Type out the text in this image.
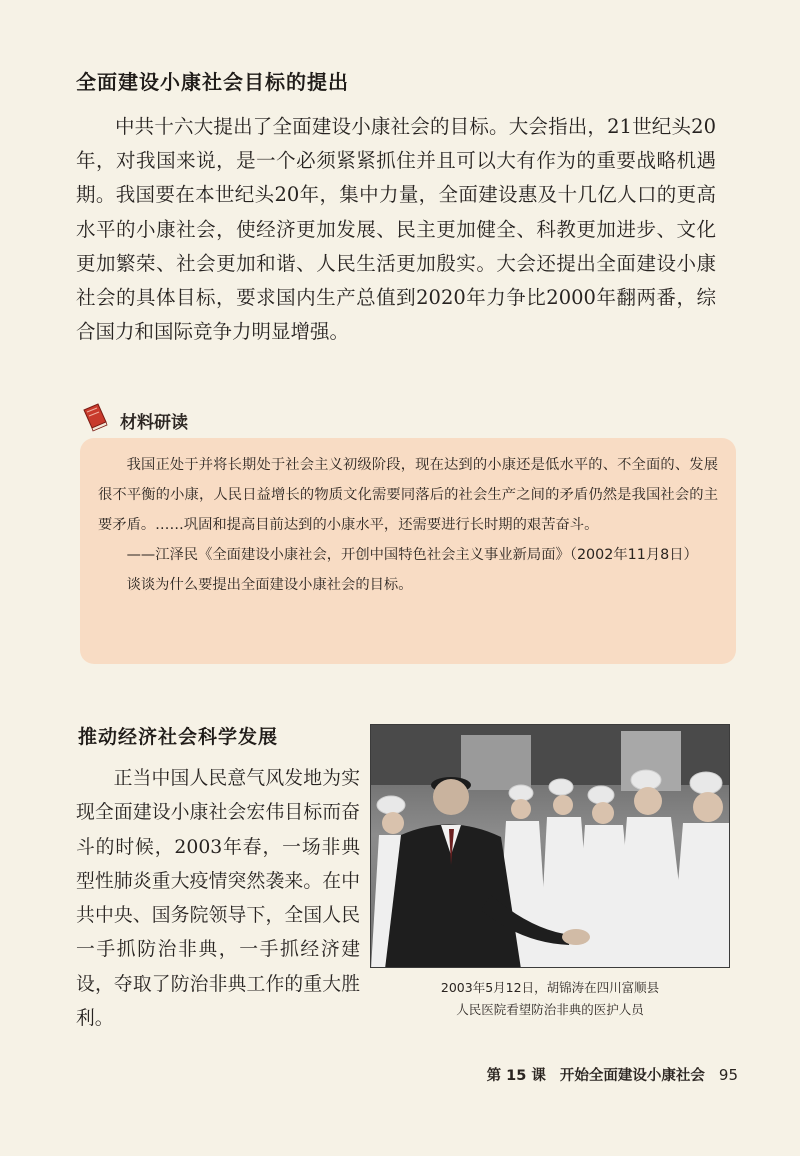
全面建设小康社会目标的提出

中共十六大提出了全面建设小康社会的目标。大会指出，21世纪头20年，对我国来说，是一个必须紧紧抓住并且可以大有作为的重要战略机遇期。我国要在本世纪头20年，集中力量，全面建设惠及十几亿人口的更高水平的小康社会，使经济更加发展、民主更加健全、科教更加进步、文化更加繁荣、社会更加和谐、人民生活更加殷实。大会还提出全面建设小康社会的具体目标，要求国内生产总值到2020年力争比2000年翻两番，综合国力和国际竞争力明显增强。

材料研读

我国正处于并将长期处于社会主义初级阶段，现在达到的小康还是低水平的、不全面的、发展很不平衡的小康，人民日益增长的物质文化需要同落后的社会生产之间的矛盾仍然是我国社会的主要矛盾。……巩固和提高目前达到的小康水平，还需要进行长时期的艰苦奋斗。

——江泽民《全面建设小康社会，开创中国特色社会主义事业新局面》（2002年11月8日）

谈谈为什么要提出全面建设小康社会的目标。

推动经济社会科学发展

正当中国人民意气风发地为实现全面建设小康社会宏伟目标而奋斗的时候，2003年春，一场非典型性肺炎重大疫情突然袭来。在中共中央、国务院领导下，全国人民一手抓防治非典，一手抓经济建设，夺取了防治非典工作的重大胜利。

2003年5月12日，胡锦涛在四川富顺县
人民医院看望防治非典的医护人员
第 15 课 开始全面建设小康社会 95
